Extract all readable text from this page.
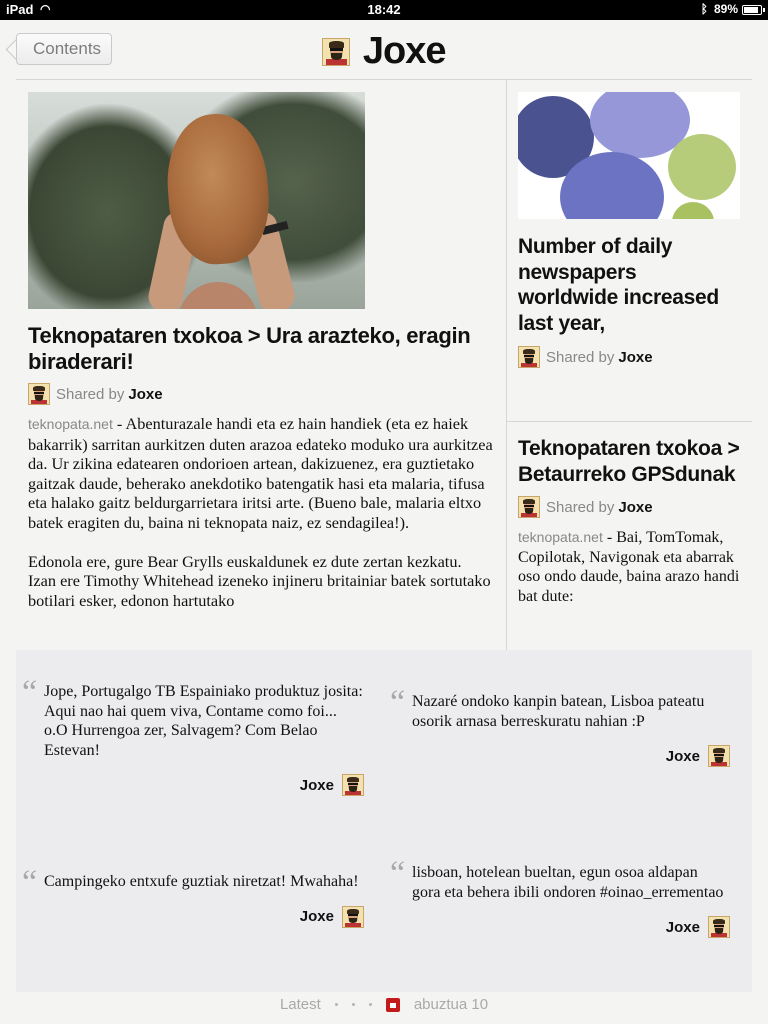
iPad ◠	18:42	ᛒ 89%
Contents	Joxe
Teknopataren txokoa > Ura arazteko, eragin biraderari!
Shared by Joxe

teknopata.net - Abenturazale handi eta ez hain handiek (eta ez haiek bakarrik) sarritan aurkitzen duten arazoa edateko moduko ura aurkitzea da. Ur zikina edatearen ondorioen artean, dakizuenez, era guztietako gaitzak daude, beherako anekdotiko batengatik hasi eta malaria, tifusa eta halako gaitz beldurgarrietara iritsi arte. (Bueno bale, malaria eltxo batek eragiten du, baina ni teknopata naiz, ez sendagilea!).

Edonola ere, gure Bear Grylls euskaldunek ez dute zertan kezkatu. Izan ere Timothy Whitehead izeneko injineru britainiar batek sortutako botilari esker, edonon hartutako

Number of daily newspapers worldwide increased last year,
Shared by Joxe
Teknopataren txokoa > Betaurreko GPSdunak
Shared by Joxe
teknopata.net - Bai, TomTomak, Copilotak, Navigonak eta abarrak oso ondo daude, baina arazo handi bat dute:
“ Jope, Portugalgo TB Espainiako produktuz josita: Aqui nao hai quem viva, Contame como foi... o.O Hurrengoa zer, Salvagem? Com Belao Estevan!
Joxe
“ Nazaré ondoko kanpin batean, Lisboa pateatu osorik arnasa berreskuratu nahian :P
Joxe
“ Campingeko entxufe guztiak niretzat! Mwahaha!
Joxe
“ lisboan, hotelean bueltan, egun osoa aldapan gora eta behera ibili ondoren #oinao_errementao
Joxe
Latest	abuztua 10
